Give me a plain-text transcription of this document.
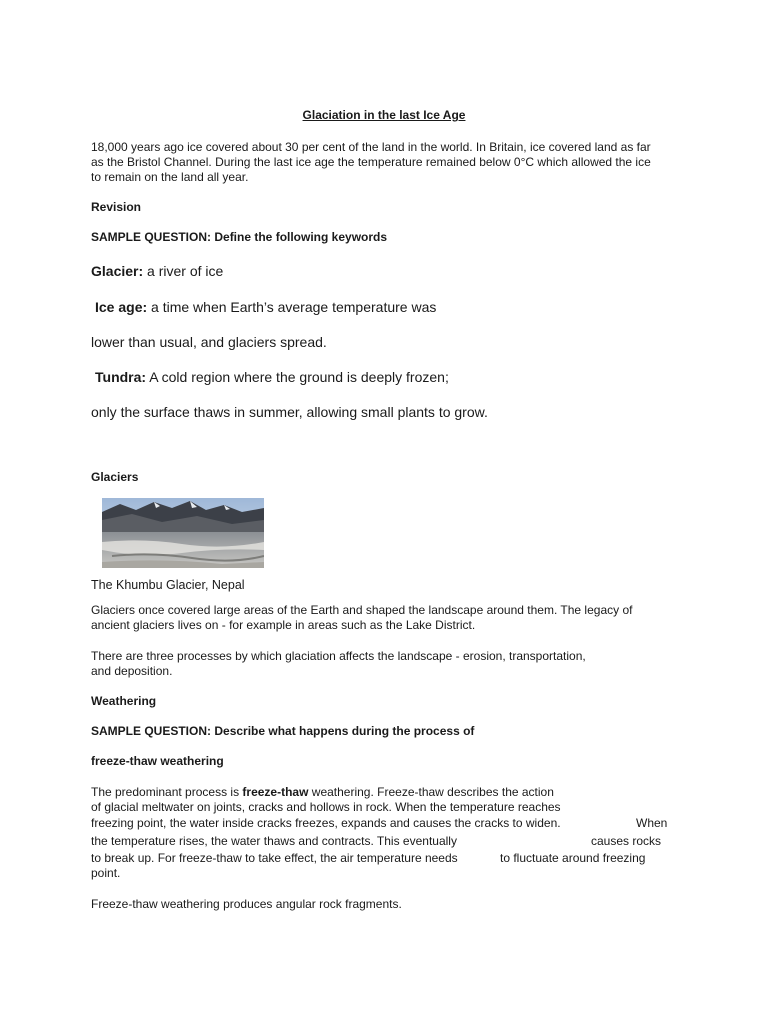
Glaciation in the last Ice Age

18,000 years ago ice covered about 30 per cent of the land in the world. In Britain, ice covered land as far

as the Bristol Channel. During the last ice age the temperature remained below 0°C which allowed the ice

to remain on the land all year.

Revision

SAMPLE QUESTION: Define the following keywords

Glacier: a river of ice

Ice age: a time when Earth’s average temperature was

lower than usual, and glaciers spread.

Tundra: A cold region where the ground is deeply frozen;

only the surface thaws in summer, allowing small plants to grow.

Glaciers

The Khumbu Glacier, Nepal

Glaciers once covered large areas of the Earth and shaped the landscape around them. The legacy of

ancient glaciers lives on - for example in areas such as the Lake District.

There are three processes by which glaciation affects the landscape - erosion, transportation,

and deposition.

Weathering

SAMPLE QUESTION: Describe what happens during the process of

freeze-thaw weathering

The predominant process is freeze-thaw weathering. Freeze-thaw describes the action

of glacial meltwater on joints, cracks and hollows in rock. When the temperature reaches

freezing point, the water inside cracks freezes, expands and causes the cracks to widen.	When

the temperature rises, the water thaws and contracts. This eventually	causes rocks

to break up. For freeze-thaw to take effect, the air temperature needs	to fluctuate around freezing

point.

Freeze-thaw weathering produces angular rock fragments.
